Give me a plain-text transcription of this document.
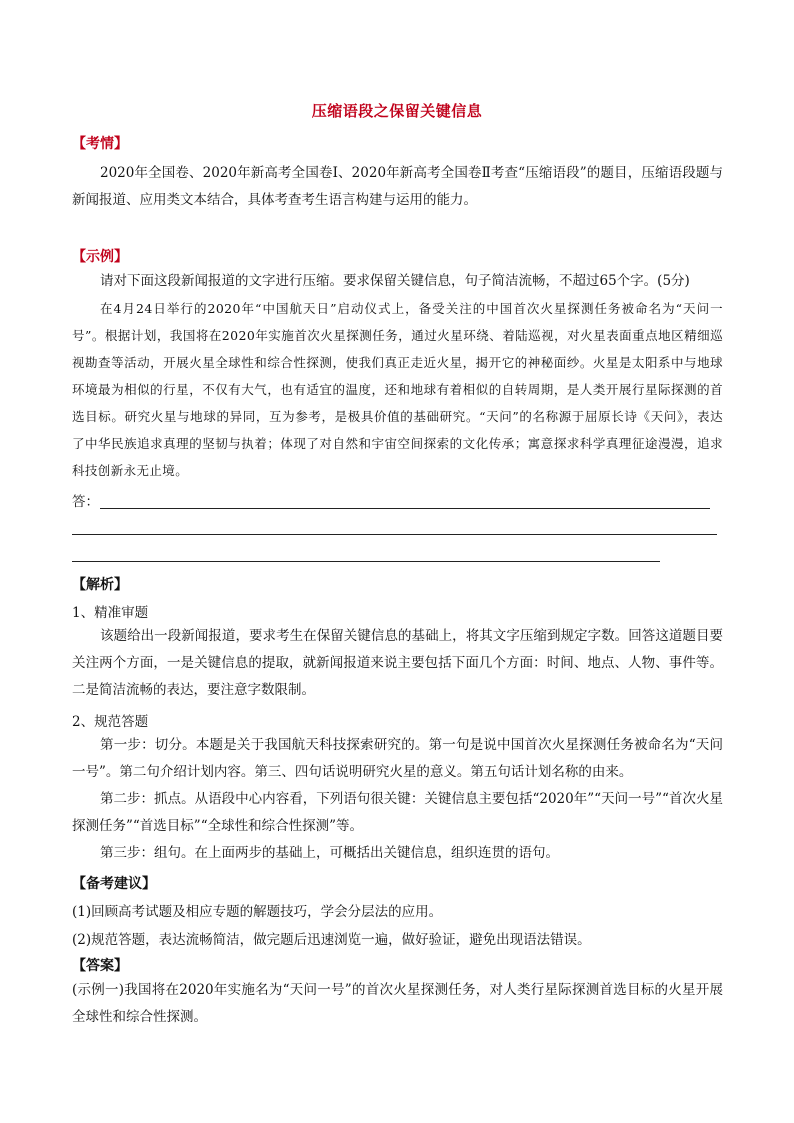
压缩语段之保留关键信息
【考情】
2020年全国卷、2020年新高考全国卷Ⅰ、2020年新高考全国卷Ⅱ考查“压缩语段”的题目，压缩语段题与新闻报道、应用类文本结合，具体考查考生语言构建与运用的能力。
【示例】
请对下面这段新闻报道的文字进行压缩。要求保留关键信息，句子简洁流畅，不超过65个字。(5分)
在4月24日举行的2020年“中国航天日”启动仪式上，备受关注的中国首次火星探测任务被命名为“天问一号”。根据计划，我国将在2020年实施首次火星探测任务，通过火星环绕、着陆巡视，对火星表面重点地区精细巡视勘查等活动，开展火星全球性和综合性探测，使我们真正走近火星，揭开它的神秘面纱。火星是太阳系中与地球环境最为相似的行星，不仅有大气，也有适宜的温度，还和地球有着相似的自转周期，是人类开展行星际探测的首选目标。研究火星与地球的异同，互为参考，是极具价值的基础研究。“天问”的名称源于屈原长诗《天问》，表达了中华民族追求真理的坚韧与执着；体现了对自然和宇宙空间探索的文化传承；寓意探求科学真理征途漫漫，追求科技创新永无止境。
答：
【解析】
1、精准审题
该题给出一段新闻报道，要求考生在保留关键信息的基础上，将其文字压缩到规定字数。回答这道题目要关注两个方面，一是关键信息的提取，就新闻报道来说主要包括下面几个方面：时间、地点、人物、事件等。二是简洁流畅的表达，要注意字数限制。
2、规范答题
第一步：切分。本题是关于我国航天科技探索研究的。第一句是说中国首次火星探测任务被命名为“天问一号”。第二句介绍计划内容。第三、四句话说明研究火星的意义。第五句话计划名称的由来。
第二步：抓点。从语段中心内容看，下列语句很关键：关键信息主要包括“2020年”“天问一号”“首次火星探测任务”“首选目标”“全球性和综合性探测”等。
第三步：组句。在上面两步的基础上，可概括出关键信息，组织连贯的语句。
【备考建议】
(1)回顾高考试题及相应专题的解题技巧，学会分层法的应用。
(2)规范答题，表达流畅简洁，做完题后迅速浏览一遍，做好验证，避免出现语法错误。
【答案】
(示例一)我国将在2020年实施名为“天问一号”的首次火星探测任务，对人类行星际探测首选目标的火星开展全球性和综合性探测。
